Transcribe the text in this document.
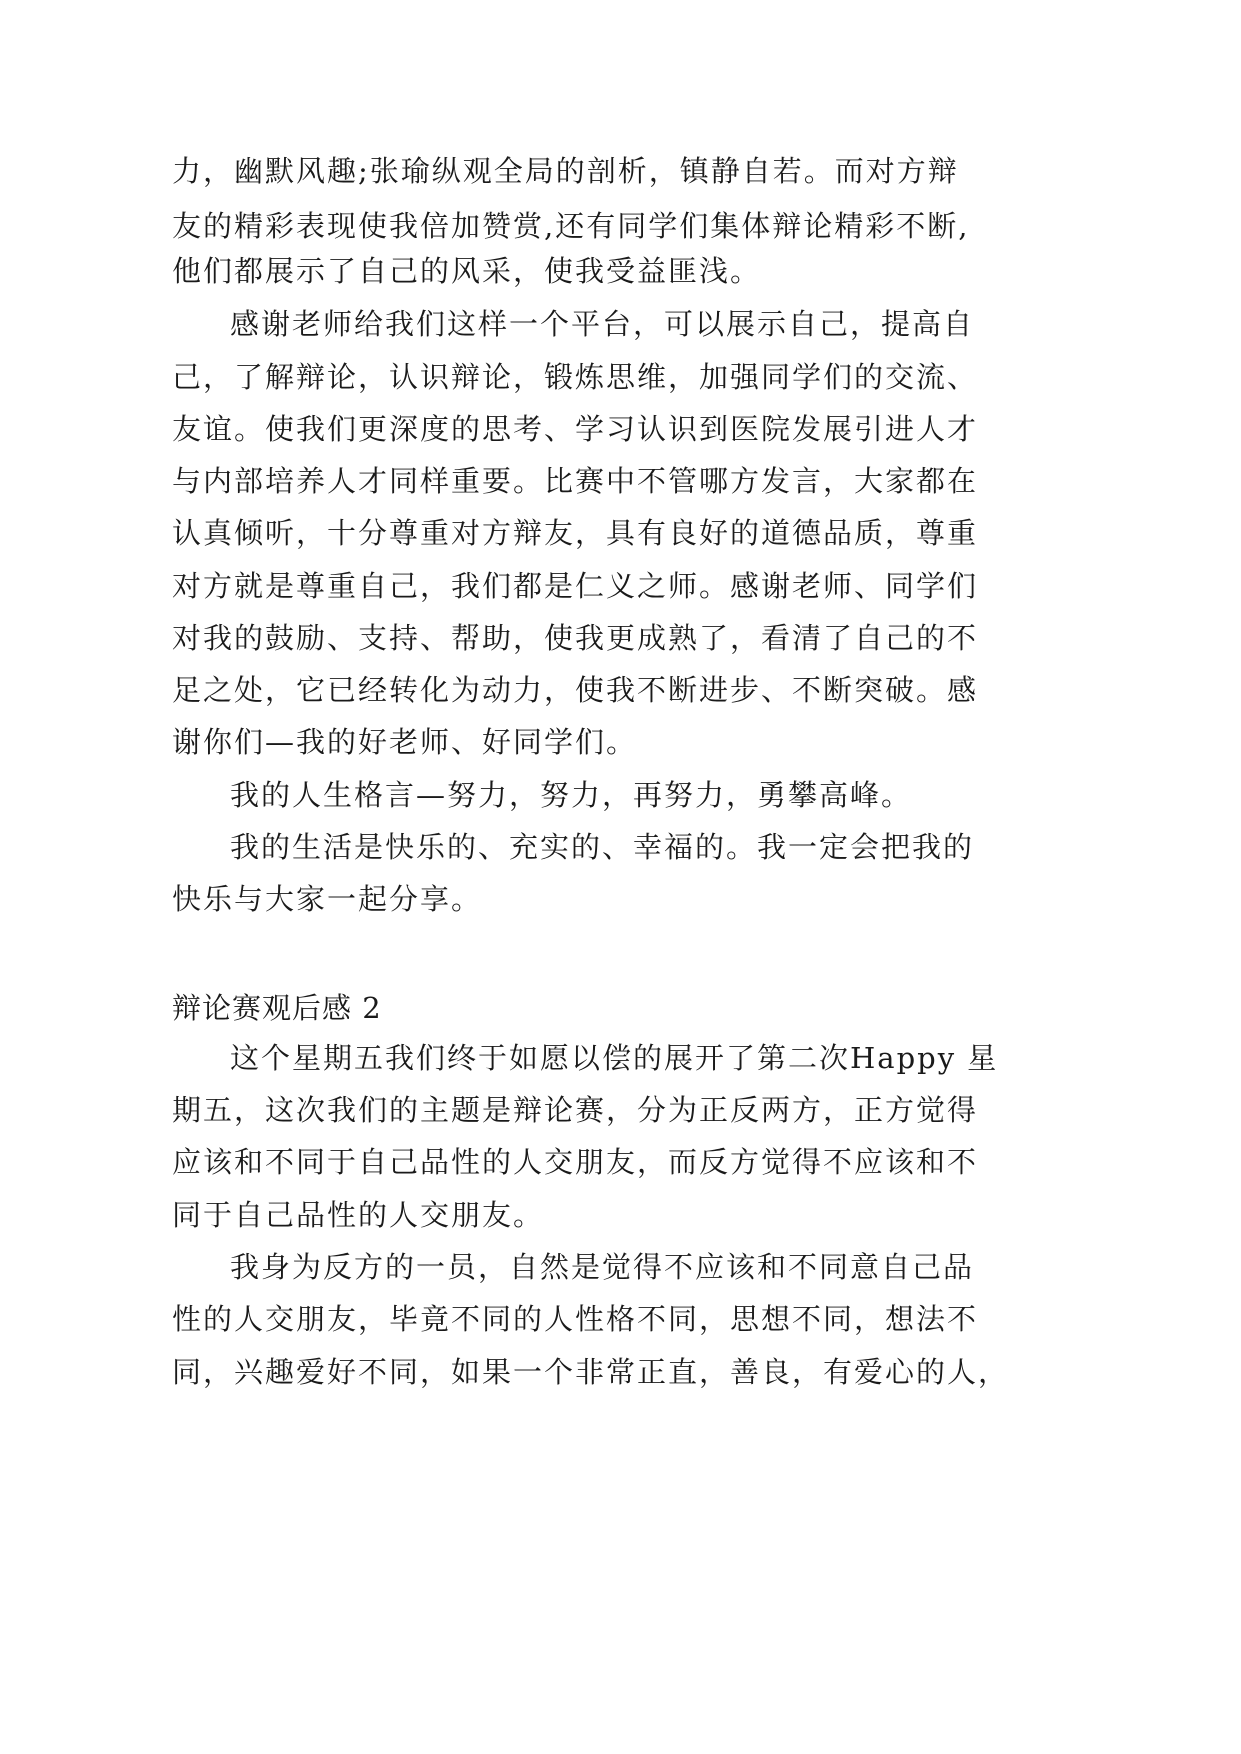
力，幽默风趣;张瑜纵观全局的剖析，镇静自若。而对方辩
友的精彩表现使我倍加赞赏,还有同学们集体辩论精彩不断,
他们都展示了自己的风采，使我受益匪浅。
感谢老师给我们这样一个平台，可以展示自己，提高自
己，了解辩论，认识辩论，锻炼思维，加强同学们的交流、
友谊。使我们更深度的思考、学习认识到医院发展引进人才
与内部培养人才同样重要。比赛中不管哪方发言，大家都在
认真倾听，十分尊重对方辩友，具有良好的道德品质，尊重
对方就是尊重自己，我们都是仁义之师。感谢老师、同学们
对我的鼓励、支持、帮助，使我更成熟了，看清了自己的不
足之处，它已经转化为动力，使我不断进步、不断突破。感
谢你们—我的好老师、好同学们。
我的人生格言—努力，努力，再努力，勇攀高峰。
我的生活是快乐的、充实的、幸福的。我一定会把我的
快乐与大家一起分享。
辩论赛观后感 2
这个星期五我们终于如愿以偿的展开了第二次Happy 星
期五，这次我们的主题是辩论赛，分为正反两方，正方觉得
应该和不同于自己品性的人交朋友，而反方觉得不应该和不
同于自己品性的人交朋友。
我身为反方的一员，自然是觉得不应该和不同意自己品
性的人交朋友，毕竟不同的人性格不同，思想不同，想法不
同，兴趣爱好不同，如果一个非常正直，善良，有爱心的人，
